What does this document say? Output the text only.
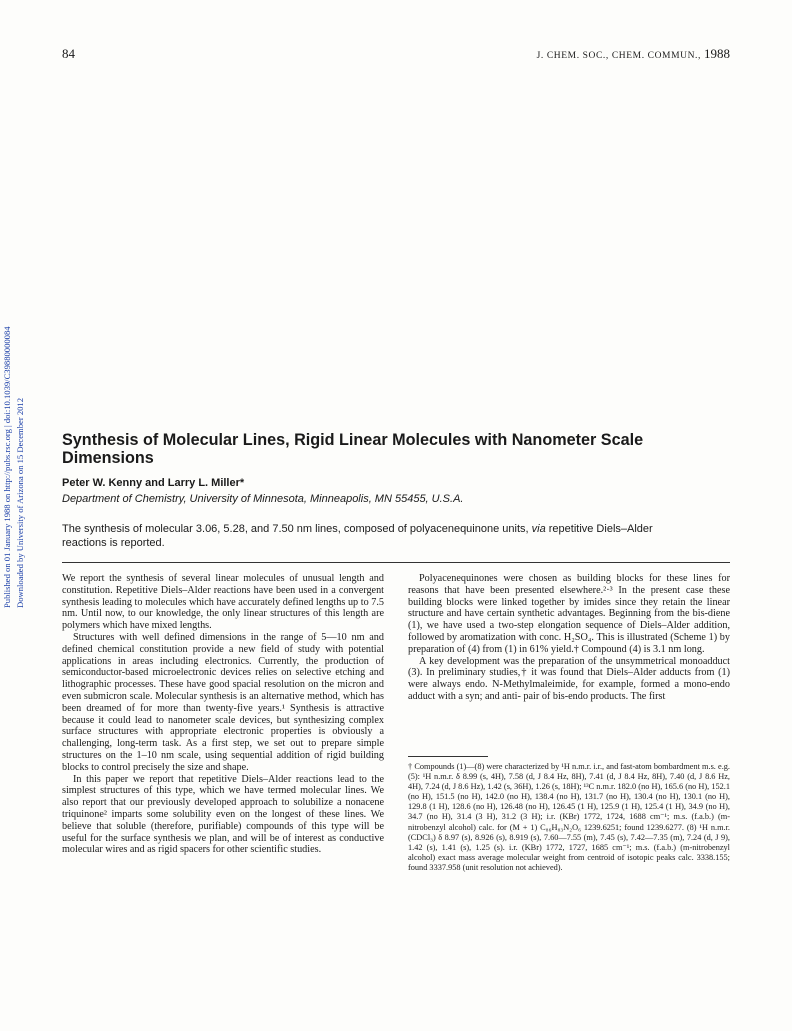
84	J. CHEM. SOC., CHEM. COMMUN., 1988
Published on 01 January 1988 on http://pubs.rsc.org | doi:10.1039/C39880000084 Downloaded by University of Arizona on 15 December 2012 Synthesis of Molecular Lines, Rigid Linear Molecules with Nanometer Scale Dimensions
Peter W. Kenny and Larry L. Miller*
Department of Chemistry, University of Minnesota, Minneapolis, MN 55455, U.S.A.

The synthesis of molecular 3.06, 5.28, and 7.50 nm lines, composed of polyacenequinone units, via repetitive Diels–Alder reactions is reported.

We report the synthesis of several linear molecules of unusual length and constitution. Repetitive Diels–Alder reactions have been used in a convergent synthesis leading to molecules which have accurately defined lengths up to 7.5 nm. Until now, to our knowledge, the only linear structures of this length are polymers which have mixed lengths.

Structures with well defined dimensions in the range of 5—10 nm and defined chemical constitution provide a new field of study with potential applications in areas including electronics. Currently, the production of semiconductor-based microelectronic devices relies on selective etching and lithographic processes. These have good spacial resolution on the micron and even submicron scale. Molecular synthesis is an alternative method, which has been dreamed of for more than twenty-five years.¹ Synthesis is attractive because it could lead to nanometer scale devices, but synthesizing complex surface structures with appropriate electronic properties is obviously a challenging, long-term task. As a first step, we set out to prepare simple structures on the 1–10 nm scale, using sequential addition of rigid building blocks to control precisely the size and shape.

In this paper we report that repetitive Diels–Alder reactions lead to the simplest structures of this type, which we have termed molecular lines. We also report that our previously developed approach to solubilize a nonacene triquinone² imparts some solubility even on the longest of these lines. We believe that soluble (therefore, purifiable) compounds of this type will be useful for the surface synthesis we plan, and will be of interest as conductive molecular wires and as rigid spacers for other scientific studies.

Polyacenequinones were chosen as building blocks for these lines for reasons that have been presented elsewhere.²·³ In the present case these building blocks were linked together by imides since they retain the linear structure and have certain synthetic advantages. Beginning from the bis-diene (1), we have used a two-step elongation sequence of Diels–Alder addition, followed by aromatization with conc. H₂SO₄. This is illustrated (Scheme 1) by preparation of (4) from (1) in 61% yield.† Compound (4) is 3.1 nm long.

A key development was the preparation of the unsymmetrical monoadduct (3). In preliminary studies,† it was found that Diels–Alder adducts from (1) were always endo. N-Methylmaleimide, for example, formed a mono-endo adduct with a syn; and anti- pair of bis-endo products. The first

† Compounds (1)—(8) were characterized by ¹H n.m.r. i.r., and fast-atom bombardment m.s. e.g. (5): ¹H n.m.r. δ 8.99 (s, 4H), 7.58 (d, J 8.4 Hz, 8H), 7.41 (d, J 8.4 Hz, 8H), 7.40 (d, J 8.6 Hz, 4H), 7.24 (d, J 8.6 Hz), 1.42 (s, 36H), 1.26 (s, 18H); ¹³C n.m.r. 182.0 (no H), 165.6 (no H), 152.1 (no H), 151.5 (no H), 142.0 (no H), 138.4 (no H), 131.7 (no H), 130.4 (no H), 130.1 (no H), 129.8 (1 H), 128.6 (no H), 126.48 (no H), 126.45 (1 H), 125.9 (1 H), 125.4 (1 H), 34.9 (no H), 34.7 (no H), 31.4 (3 H), 31.2 (3 H); i.r. (KBr) 1772, 1724, 1688 cm⁻¹; m.s. (f.a.b.) (m-nitrobenzyl alcohol) calc. for (M + 1) C₈₆H₈₃N₂O₆ 1239.6251; found 1239.6277. (8) ¹H n.m.r. (CDCl₃) δ 8.97 (s), 8.926 (s), 8.919 (s), 7.60—7.55 (m), 7.45 (s), 7.42—7.35 (m), 7.24 (d, J 9), 1.42 (s), 1.41 (s), 1.25 (s). i.r. (KBr) 1772, 1727, 1685 cm⁻¹; m.s. (f.a.b.) (m-nitrobenzyl alcohol) exact mass average molecular weight from centroid of isotopic peaks calc. 3338.155; found 3337.958 (unit resolution not achieved).
